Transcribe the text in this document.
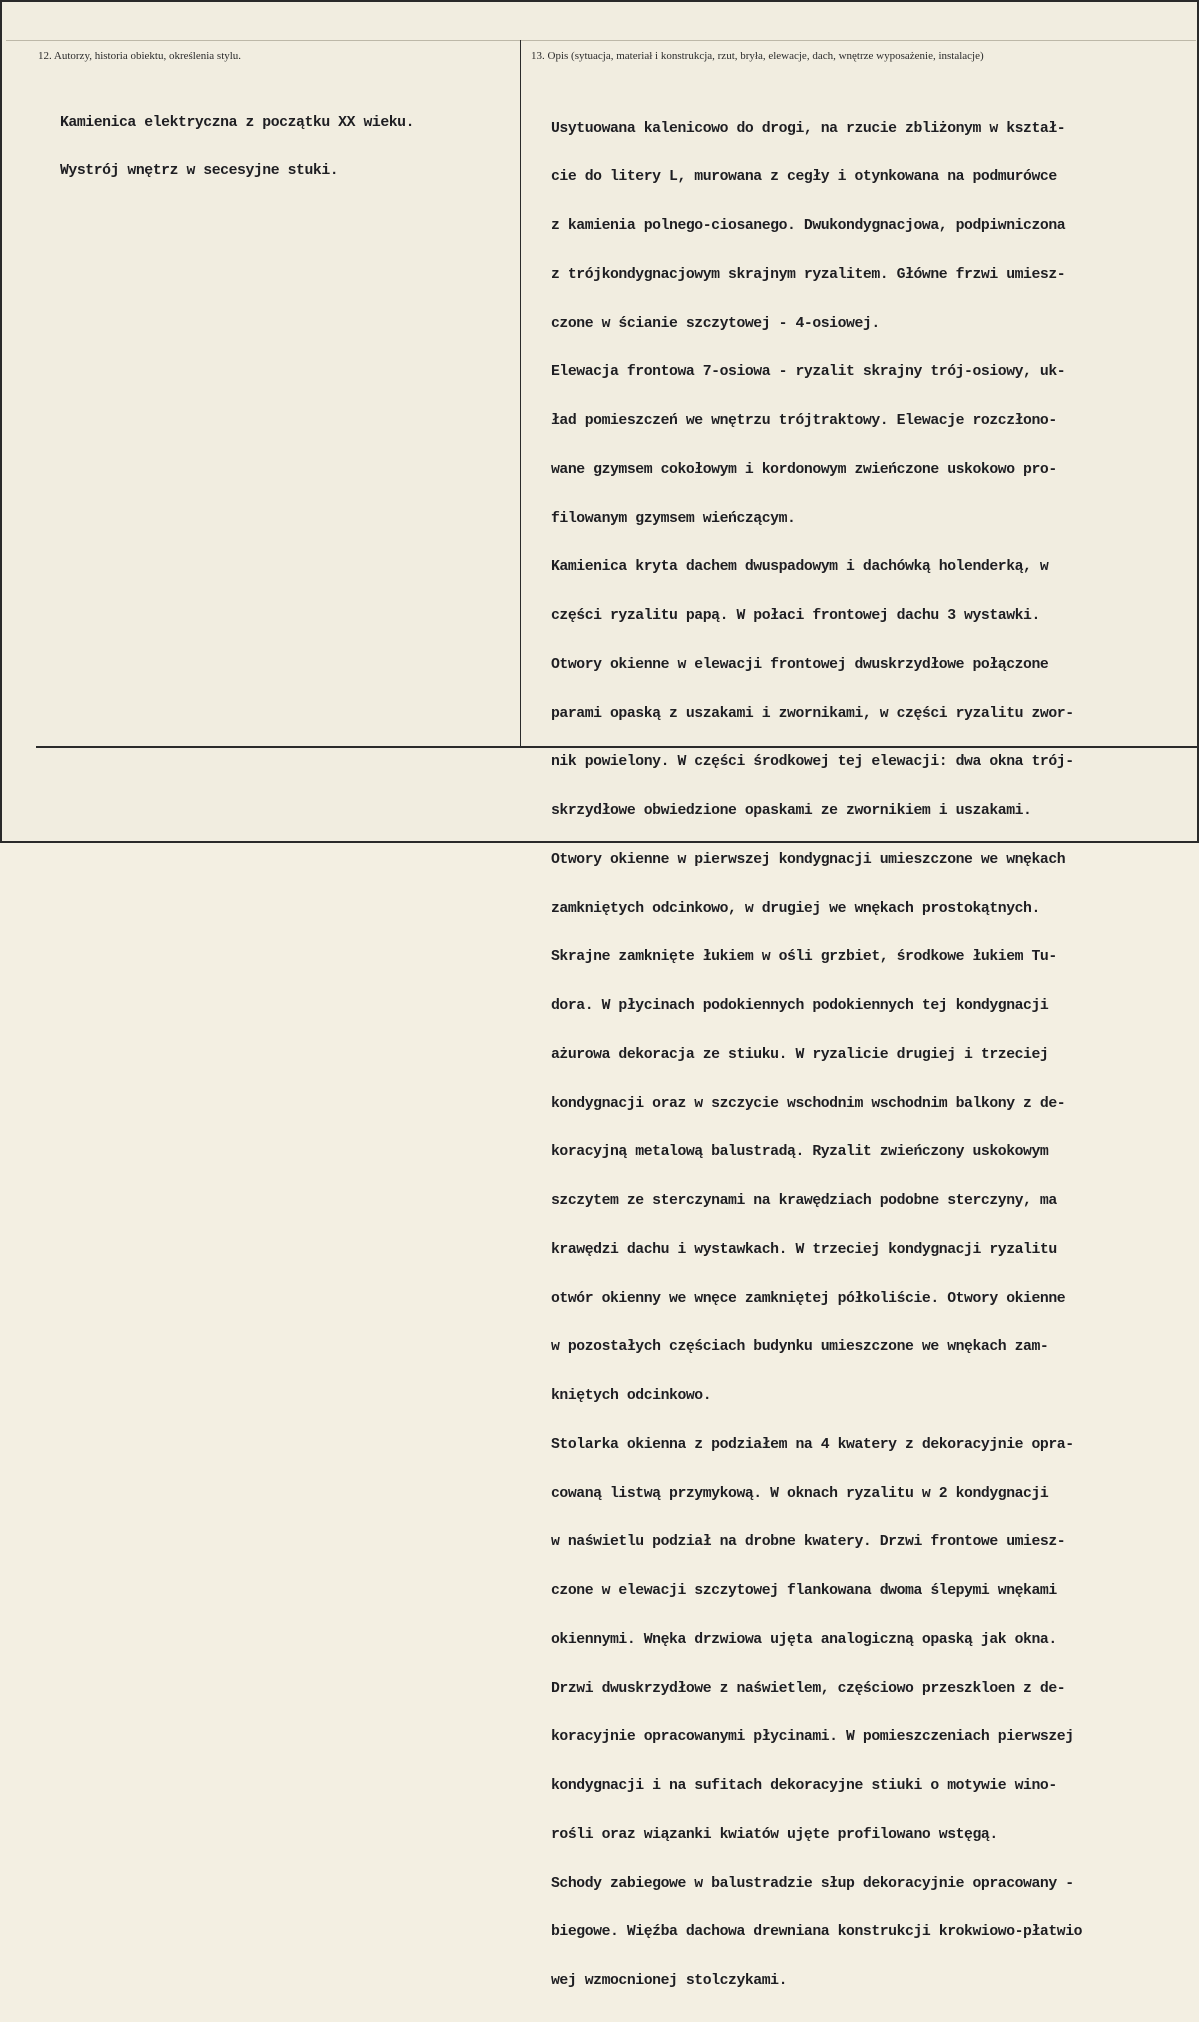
12. Autorzy, historia obiektu, określenia stylu.	13. Opis (sytuacja, materiał i konstrukcja, rzut, bryła, elewacje, dach, wnętrze wyposażenie, instalacje)

Kamienica elektryczna z początku XX wieku.

Wystrój wnętrz w secesyjne stuki.

Usytuowana kalenicowo do drogi, na rzucie zbliżonym w kształ-

cie do litery L, murowana z cegły i otynkowana na podmurówce

z kamienia polnego-ciosanego. Dwukondygnacjowa, podpiwniczona

z trójkondygnacjowym skrajnym ryzalitem. Główne frzwi umiesz-

czone w ścianie szczytowej - 4-osiowej.

Elewacja frontowa 7-osiowa - ryzalit skrajny trój-osiowy, uk-

ład pomieszczeń we wnętrzu trójtraktowy. Elewacje rozczłono-

wane gzymsem cokołowym i kordonowym zwieńczone uskokowo pro-

filowanym gzymsem wieńczącym.

Kamienica kryta dachem dwuspadowym i dachówką holenderką, w

części ryzalitu papą. W połaci frontowej dachu 3 wystawki.

Otwory okienne w elewacji frontowej dwuskrzydłowe połączone

parami opaską z uszakami i zwornikami, w części ryzalitu zwor-

nik powielony. W części środkowej tej elewacji: dwa okna trój-

skrzydłowe obwiedzione opaskami ze zwornikiem i uszakami.

Otwory okienne w pierwszej kondygnacji umieszczone we wnękach

zamkniętych odcinkowo, w drugiej we wnękach prostokątnych.

Skrajne zamknięte łukiem w ośli grzbiet, środkowe łukiem Tu-

dora. W płycinach podokiennych podokiennych tej kondygnacji

ażurowa dekoracja ze stiuku. W ryzalicie drugiej i trzeciej

kondygnacji oraz w szczycie wschodnim wschodnim balkony z de-

koracyjną metalową balustradą. Ryzalit zwieńczony uskokowym

szczytem ze sterczynami na krawędziach podobne sterczyny, ma

krawędzi dachu i wystawkach. W trzeciej kondygnacji ryzalitu

otwór okienny we wnęce zamkniętej półkoliście. Otwory okienne

w pozostałych częściach budynku umieszczone we wnękach zam-

kniętych odcinkowo.

Stolarka okienna z podziałem na 4 kwatery z dekoracyjnie opra-

cowaną listwą przymykową. W oknach ryzalitu w 2 kondygnacji

w naświetlu podział na drobne kwatery. Drzwi frontowe umiesz-

czone w elewacji szczytowej flankowana dwoma ślepymi wnękami

okiennymi. Wnęka drzwiowa ujęta analogiczną opaską jak okna.

Drzwi dwuskrzydłowe z naświetlem, częściowo przeszkloen z de-

koracyjnie opracowanymi płycinami. W pomieszczeniach pierwszej

kondygnacji i na sufitach dekoracyjne stiuki o motywie wino-

rośli oraz wiązanki kwiatów ujęte profilowano wstęgą.

Schody zabiegowe w balustradzie słup dekoracyjnie opracowany -

biegowe. Więźba dachowa drewniana konstrukcji krokwiowo-płatwio

wej wzmocnionej stolczykami.
